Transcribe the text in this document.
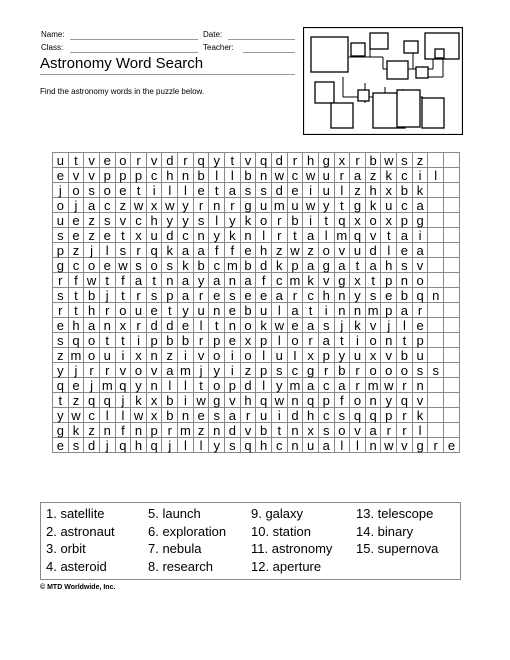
Name:	Date:
Class:	Teacher:
Astronomy Word Search
Find the astronomy words in the puzzle below.
u	t	v	e	o	r	v	d	r	q	y	t	v	q	d	r	h	g	x	r	b	w	s	z		
e	v	v	p	p	p	c	h	n	b	l	l	b	n	w	c	w	u	r	a	z	k	c	i	l	
j	o	s	o	e	t	i	l	l	e	t	a	s	s	d	e	i	u	l	z	h	x	b	k		
o	j	a	c	z	w	x	w	y	r	n	r	g	u	m	u	w	y	t	g	k	u	c	a		
u	e	z	s	v	c	h	y	y	s	l	y	k	o	r	b	i	t	q	x	o	x	p	g		
s	e	z	e	t	x	u	d	c	n	y	k	n	l	r	t	a	l	m	q	v	t	a	i		
p	z	j	l	s	r	q	k	a	a	f	f	e	h	z	w	z	o	v	u	d	l	e	a		
g	c	o	e	w	s	o	s	k	b	c	m	b	d	k	p	a	g	a	t	a	h	s	v		
r	f	w	t	f	a	t	n	a	y	a	n	a	f	c	m	k	v	g	x	t	p	n	o		
s	t	b	j	t	r	s	p	a	r	e	s	e	e	a	r	c	h	n	y	s	e	b	q	n	
r	t	h	r	o	u	e	t	y	u	n	e	b	u	l	a	t	i	n	n	m	p	a	r		
e	h	a	n	x	r	d	d	e	l	t	n	o	k	w	e	a	s	j	k	v	j	l	e		
s	q	o	t	t	i	p	b	b	r	p	e	x	p	l	o	r	a	t	i	o	n	t	p		
z	m	o	u	i	x	n	z	i	v	o	i	o	l	u	I	x	p	y	u	x	v	b	u		
y	j	r	r	v	o	v	a	m	j	y	i	z	p	s	c	g	r	b	r	o	o	o	s	s	
q	e	j	m	q	y	n	l	l	t	o	p	d	l	y	m	a	c	a	r	m	w	r	n		
t	z	q	q	j	k	x	b	i	w	g	v	h	q	w	n	q	p	f	o	n	y	q	v		
y	w	c	l	l	w	x	b	n	e	s	a	r	u	i	d	h	c	s	q	q	p	r	k		
g	k	z	n	f	n	p	r	m	z	n	d	v	b	t	n	x	s	o	v	a	r	r	l		
e	s	d	j	q	h	q	j	l	l	y	s	q	h	c	n	u	a	l	l	n	w	v	g	r	e
1. satellite
2. astronaut
3. orbit
4. asteroid
5. launch
6. exploration
7. nebula
8. research
9. galaxy
10. station
11. astronomy
12. aperture
13. telescope
14. binary
15. supernova
© MTD Worldwide, Inc.
